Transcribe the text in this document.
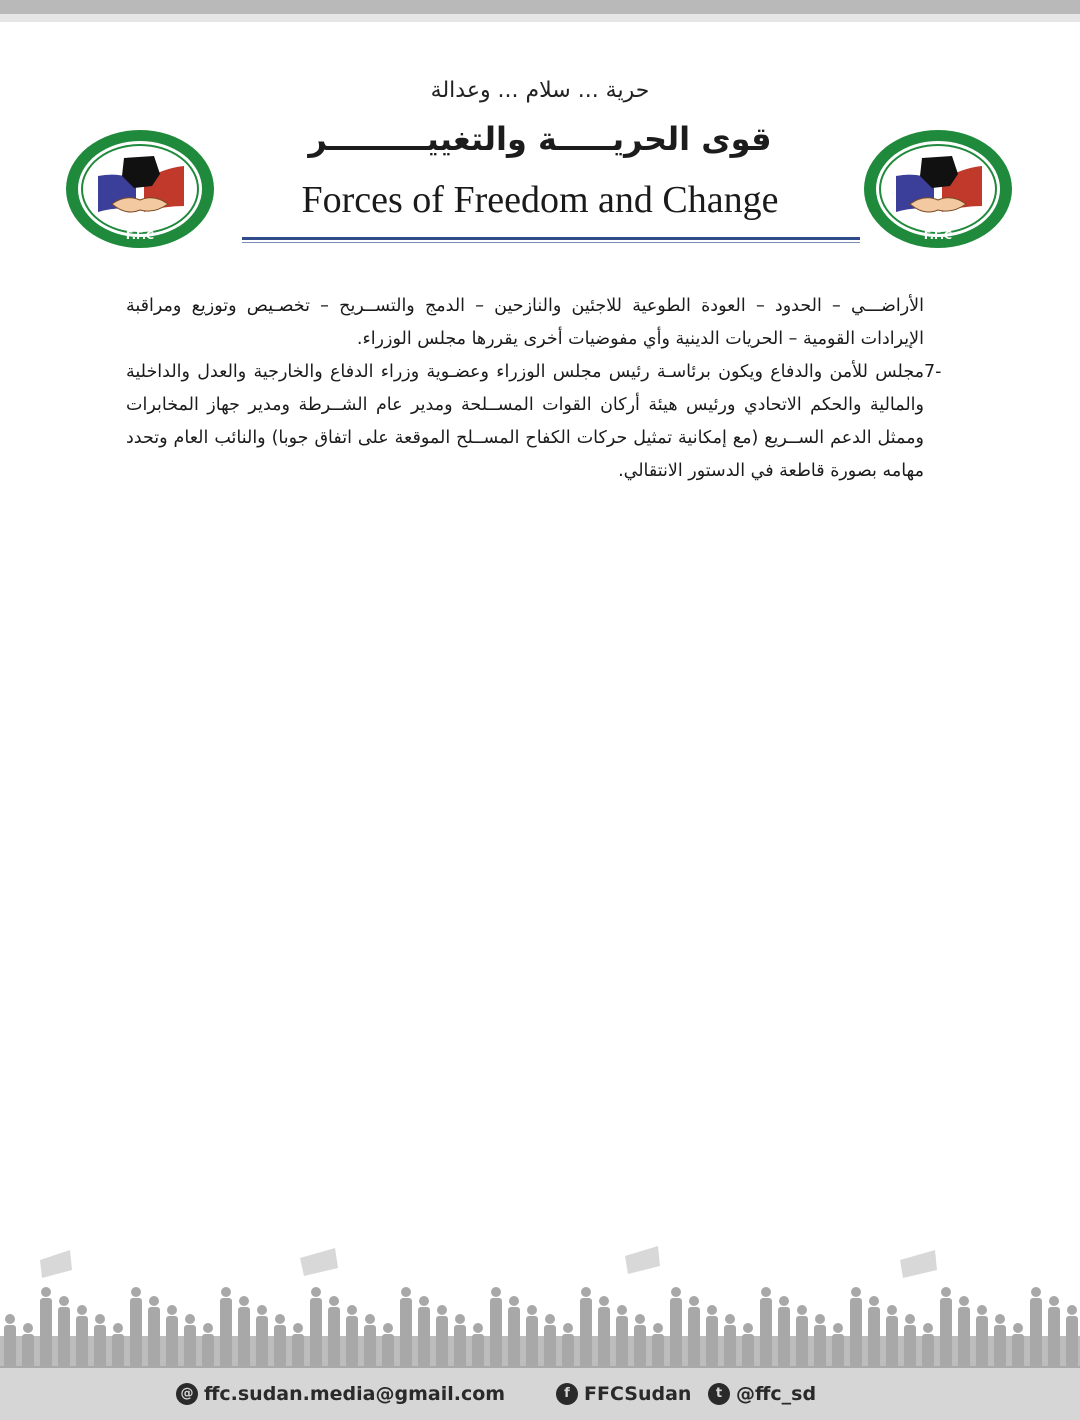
F.F.C	F.F.C
حرية ... سلام ... وعدالة
قوى الحريـــــة والتغييـــــــــر
Forces of Freedom and Change

الأراضـــي – الحدود – العودة الطوعية للاجئين والنازحين – الدمج والتســريح – تخصـيص وتوزيع ومراقبة الإيرادات القومية – الحريات الدينية وأي مفوضيات أخرى يقررها مجلس الوزراء.

-7

مجلس للأمن والدفاع ويكون برئاسـة رئيس مجلس الوزراء وعضـوية وزراء الدفاع والخارجية والعدل والداخلية والمالية والحكم الاتحادي ورئيس هيئة أركان القوات المســلحة ومدير عام الشــرطة ومدير جهاز المخابرات وممثل الدعم الســريع (مع إمكانية تمثيل حركات الكفاح المســلح الموقعة على اتفاق جوبا) والنائب العام وتحدد مهامه بصورة قاطعة في الدستور الانتقالي.

@ ffc.sudan.media@gmail.com	f FFCSudan	t @ffc_sd
